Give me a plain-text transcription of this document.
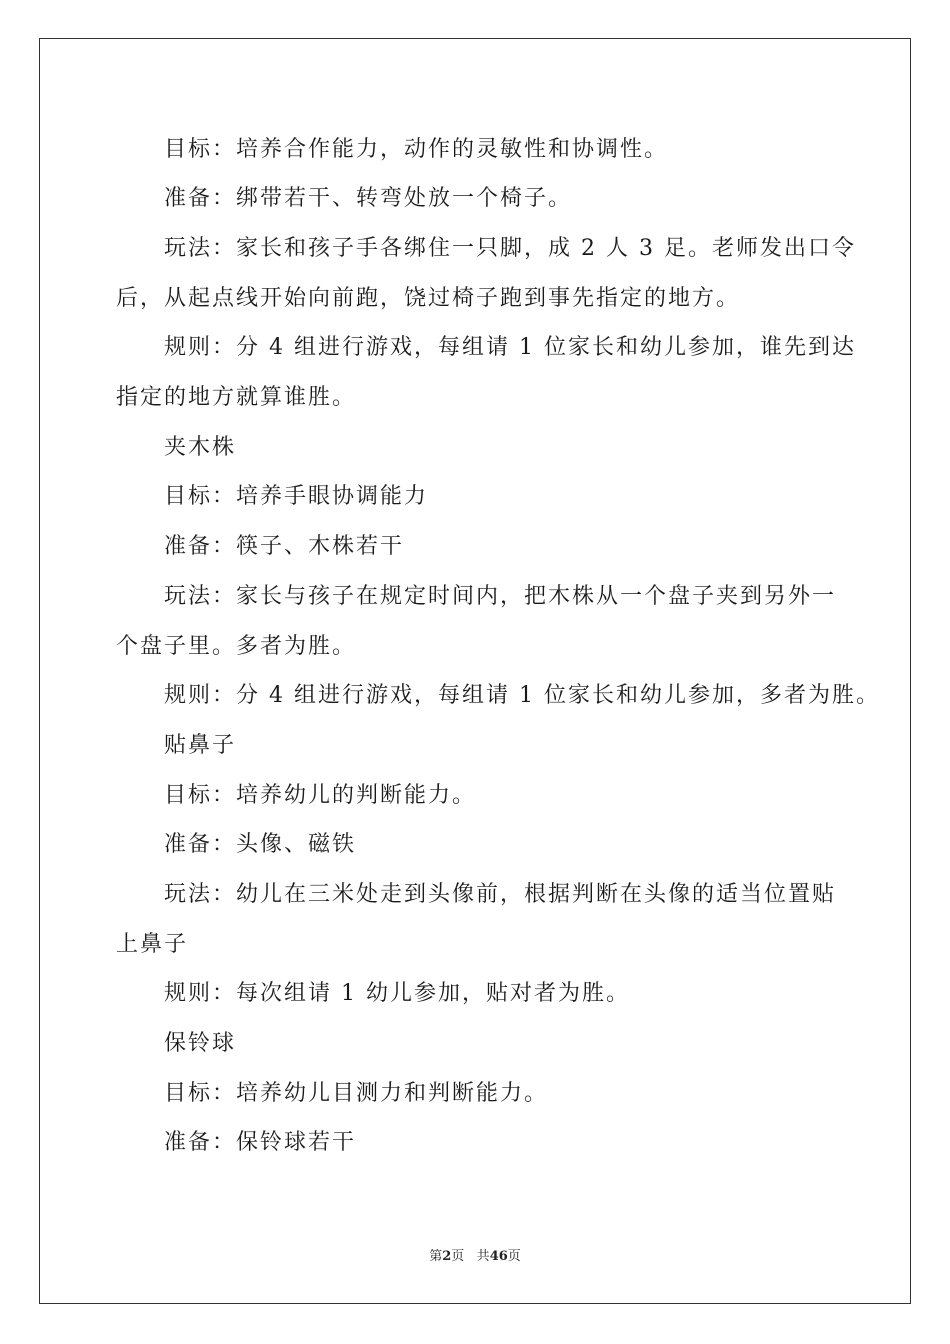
目标：培养合作能力，动作的灵敏性和协调性。
准备：绑带若干、转弯处放一个椅子。
玩法：家长和孩子手各绑住一只脚，成 2 人 3 足。老师发出口令
后，从起点线开始向前跑，饶过椅子跑到事先指定的地方。
规则：分 4 组进行游戏，每组请 1 位家长和幼儿参加，谁先到达
指定的地方就算谁胜。
夹木株
目标：培养手眼协调能力
准备：筷子、木株若干
玩法：家长与孩子在规定时间内，把木株从一个盘子夹到另外一
个盘子里。多者为胜。
规则：分 4 组进行游戏，每组请 1 位家长和幼儿参加，多者为胜。
贴鼻子
目标：培养幼儿的判断能力。
准备：头像、磁铁
玩法：幼儿在三米处走到头像前，根据判断在头像的适当位置贴
上鼻子
规则：每次组请 1 幼儿参加，贴对者为胜。
保铃球
目标：培养幼儿目测力和判断能力。
准备：保铃球若干
第2页 共46页
